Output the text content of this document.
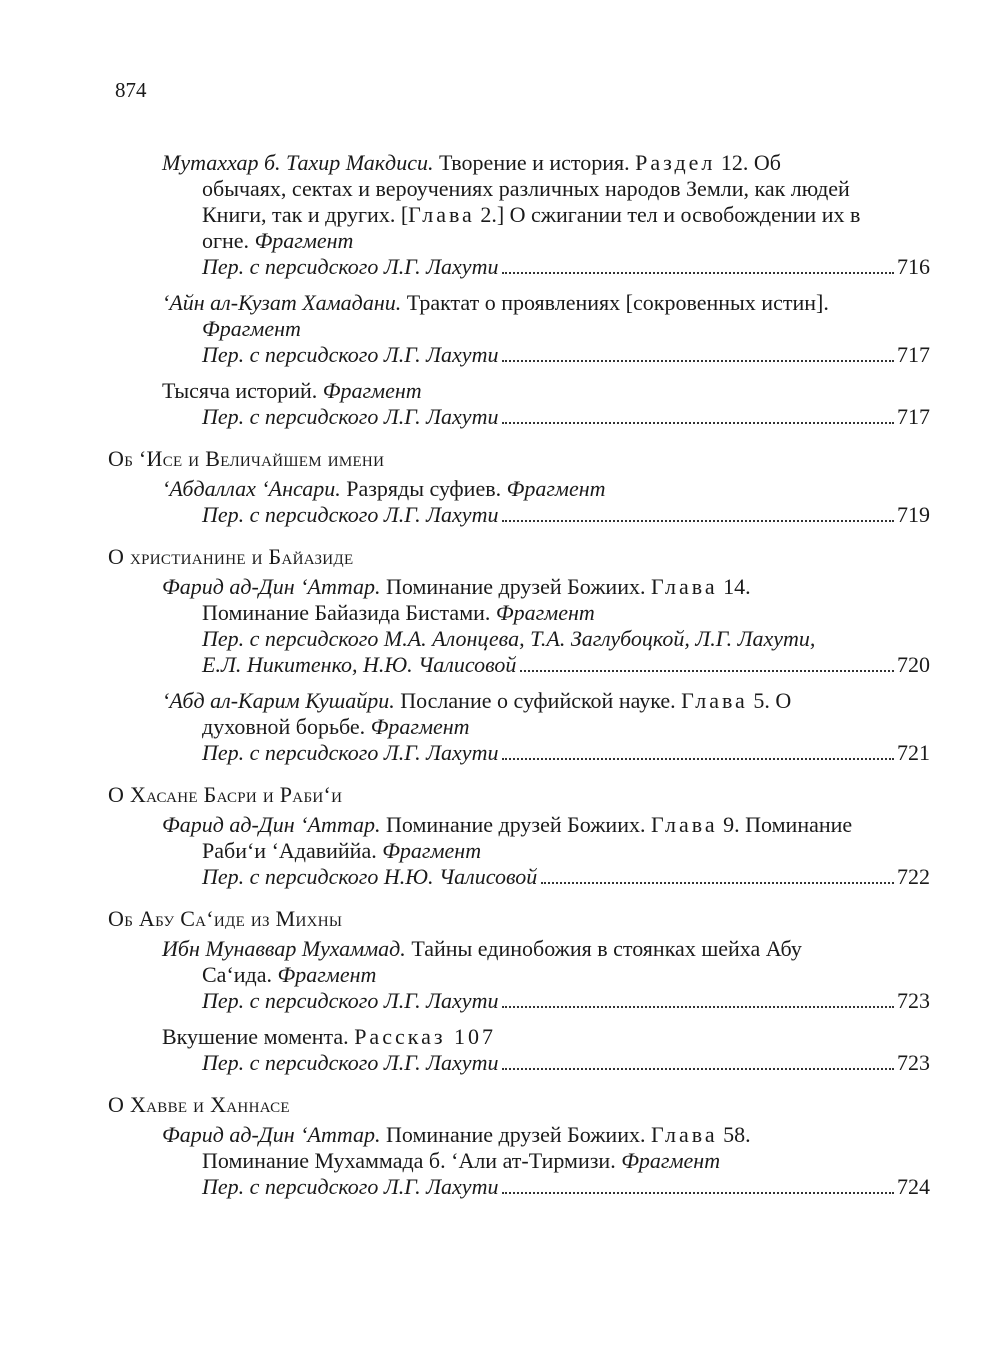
874
Мутаххар б. Тахир Макдиси. Творение и история. Раздел 12. Об обычаях, сектах и вероучениях различных народов Земли, как людей Книги, так и других. [Глава 2.] О сжигании тел и освобождении их в огне. Фрагмент
Пер. с персидского Л.Г. Лахути	716
ʻАйн ал-Кузат Хамадани. Трактат о проявлениях [сокровенных истин]. Фрагмент
Пер. с персидского Л.Г. Лахути	717
Тысяча историй. Фрагмент
Пер. с персидского Л.Г. Лахути	717
Об ʻИсе и Величайшем имени
ʻАбдаллах ʻАнсари. Разряды суфиев. Фрагмент
Пер. с персидского Л.Г. Лахути	719
О христианине и Байазиде
Фарид ад-Дин ʻАттар. Поминание друзей Божиих. Глава 14. Поминание Байазида Бистами. Фрагмент
Пер. с персидского М.А. Алонцева, Т.А. Заглубоцкой, Л.Г. Лахути,
Е.Л. Никитенко, Н.Ю. Чалисовой	720
ʻАбд ал-Карим Кушайри. Послание о суфийской науке. Глава 5. О духовной борьбе. Фрагмент
Пер. с персидского Л.Г. Лахути	721
О Хасане Басри и Рабиʻи
Фарид ад-Дин ʻАттар. Поминание друзей Божиих. Глава 9. Поминание Рабиʻи ʻАдавиййа. Фрагмент
Пер. с персидского Н.Ю. Чалисовой	722
Об Абу Саʻиде из Михны
Ибн Мунаввар Мухаммад. Тайны единобожия в стоянках шейха Абу Саʻида. Фрагмент
Пер. с персидского Л.Г. Лахути	723
Вкушение момента. Рассказ 107
Пер. с персидского Л.Г. Лахути	723
О Хавве и Ханнасе
Фарид ад-Дин ʻАттар. Поминание друзей Божиих. Глава 58. Поминание Мухаммада б. ʻАли ат-Тирмизи. Фрагмент
Пер. с персидского Л.Г. Лахути	724
